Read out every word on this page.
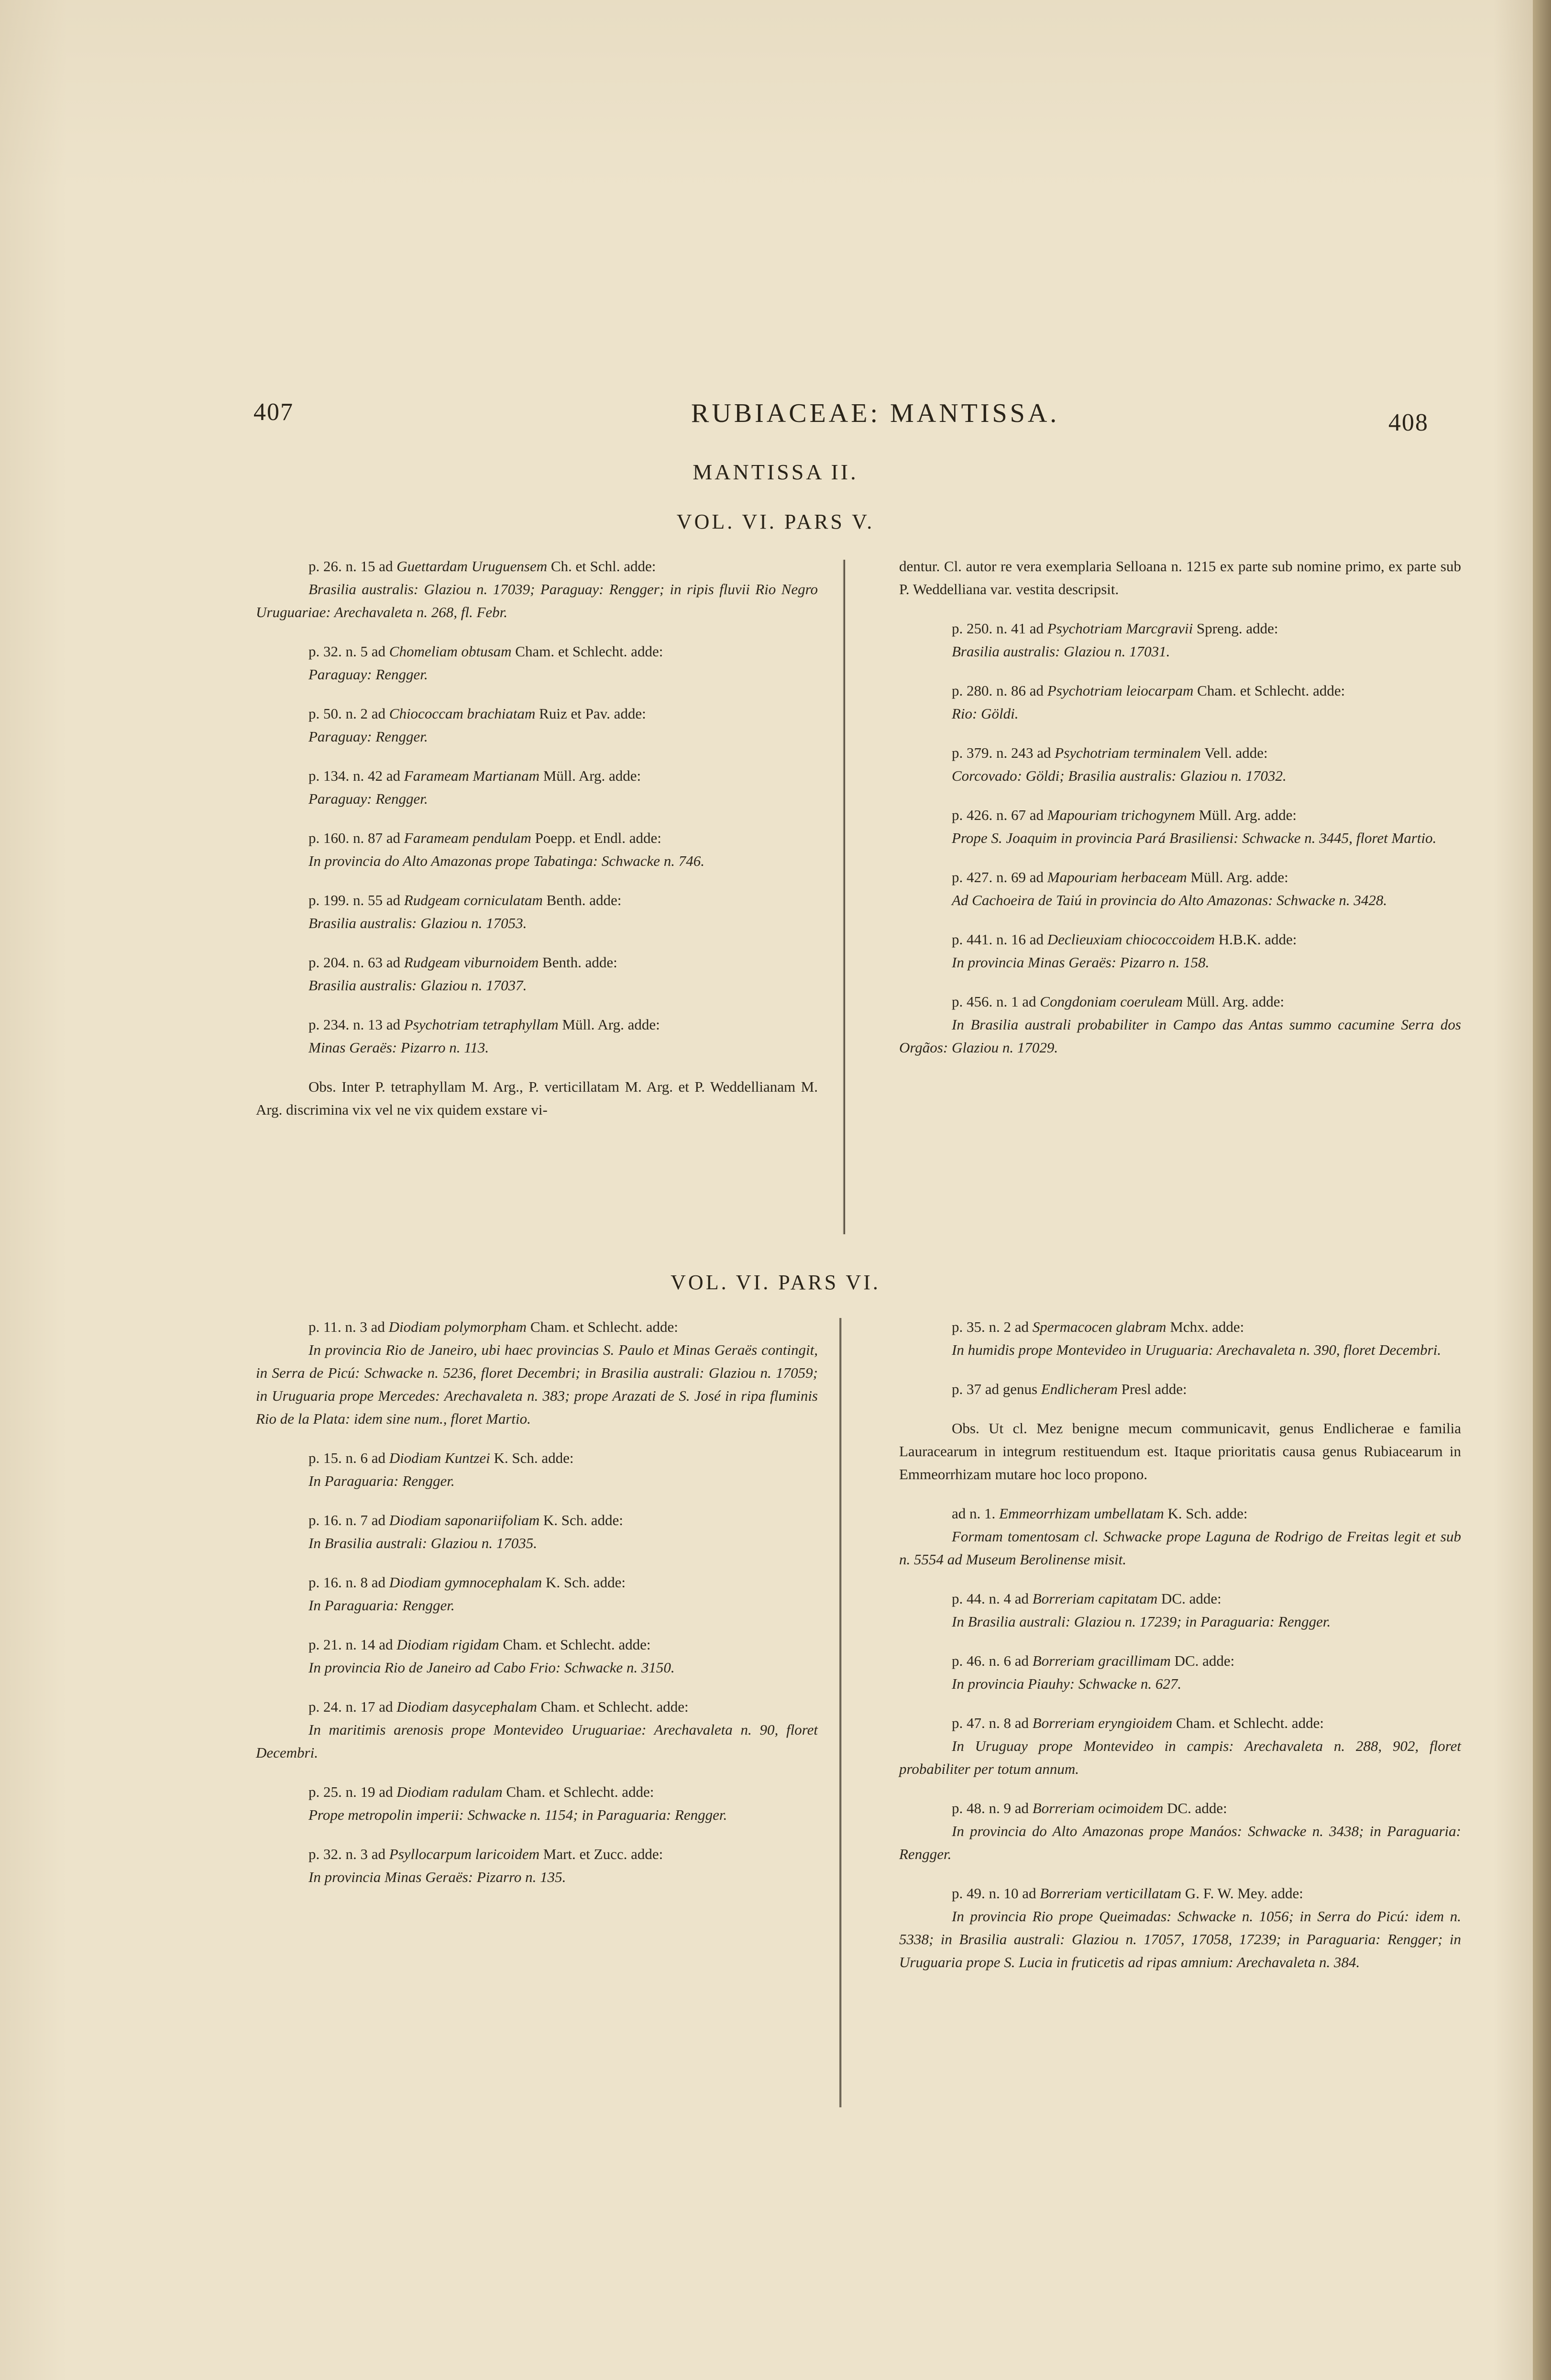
407	RUBIACEAE: MANTISSA.	408
MANTISSA II.
VOL. VI. PARS V.

p. 26. n. 15 ad Guettardam Uruguensem Ch. et Schl. adde:

Brasilia australis: Glaziou n. 17039; Paraguay: Rengger; in ripis fluvii Rio Negro Uruguariae: Arechavaleta n. 268, fl. Febr.

p. 32. n. 5 ad Chomeliam obtusam Cham. et Schlecht. adde:

Paraguay: Rengger.

p. 50. n. 2 ad Chiococcam brachiatam Ruiz et Pav. adde:

Paraguay: Rengger.

p. 134. n. 42 ad Farameam Martianam Müll. Arg. adde:

Paraguay: Rengger.

p. 160. n. 87 ad Farameam pendulam Poepp. et Endl. adde:

In provincia do Alto Amazonas prope Tabatinga: Schwacke n. 746.

p. 199. n. 55 ad Rudgeam corniculatam Benth. adde:

Brasilia australis: Glaziou n. 17053.

p. 204. n. 63 ad Rudgeam viburnoidem Benth. adde:

Brasilia australis: Glaziou n. 17037.

p. 234. n. 13 ad Psychotriam tetraphyllam Müll. Arg. adde:

Minas Geraës: Pizarro n. 113.

Obs. Inter P. tetraphyllam M. Arg., P. verticillatam M. Arg. et P. Weddellianam M. Arg. discrimina vix vel ne vix quidem exstare vi-

dentur. Cl. autor re vera exemplaria Selloana n. 1215 ex parte sub nomine primo, ex parte sub P. Weddelliana var. vestita descripsit.

p. 250. n. 41 ad Psychotriam Marcgravii Spreng. adde:

Brasilia australis: Glaziou n. 17031.

p. 280. n. 86 ad Psychotriam leiocarpam Cham. et Schlecht. adde:

Rio: Göldi.

p. 379. n. 243 ad Psychotriam terminalem Vell. adde:

Corcovado: Göldi; Brasilia australis: Glaziou n. 17032.

p. 426. n. 67 ad Mapouriam trichogynem Müll. Arg. adde:

Prope S. Joaquim in provincia Pará Brasiliensi: Schwacke n. 3445, floret Martio.

p. 427. n. 69 ad Mapouriam herbaceam Müll. Arg. adde:

Ad Cachoeira de Taiú in provincia do Alto Amazonas: Schwacke n. 3428.

p. 441. n. 16 ad Declieuxiam chiococcoidem H.B.K. adde:

In provincia Minas Geraës: Pizarro n. 158.

p. 456. n. 1 ad Congdoniam coeruleam Müll. Arg. adde:

In Brasilia australi probabiliter in Campo das Antas summo cacumine Serra dos Orgãos: Glaziou n. 17029.

VOL. VI. PARS VI.

p. 11. n. 3 ad Diodiam polymorpham Cham. et Schlecht. adde:

In provincia Rio de Janeiro, ubi haec provincias S. Paulo et Minas Geraës contingit, in Serra de Picú: Schwacke n. 5236, floret Decembri; in Brasilia australi: Glaziou n. 17059; in Uruguaria prope Mercedes: Arechavaleta n. 383; prope Arazati de S. José in ripa fluminis Rio de la Plata: idem sine num., floret Martio.

p. 15. n. 6 ad Diodiam Kuntzei K. Sch. adde:

In Paraguaria: Rengger.

p. 16. n. 7 ad Diodiam saponariifoliam K. Sch. adde:

In Brasilia australi: Glaziou n. 17035.

p. 16. n. 8 ad Diodiam gymnocephalam K. Sch. adde:

In Paraguaria: Rengger.

p. 21. n. 14 ad Diodiam rigidam Cham. et Schlecht. adde:

In provincia Rio de Janeiro ad Cabo Frio: Schwacke n. 3150.

p. 24. n. 17 ad Diodiam dasycephalam Cham. et Schlecht. adde:

In maritimis arenosis prope Montevideo Uruguariae: Arechavaleta n. 90, floret Decembri.

p. 25. n. 19 ad Diodiam radulam Cham. et Schlecht. adde:

Prope metropolin imperii: Schwacke n. 1154; in Paraguaria: Rengger.

p. 32. n. 3 ad Psyllocarpum laricoidem Mart. et Zucc. adde:

In provincia Minas Geraës: Pizarro n. 135.

p. 35. n. 2 ad Spermacocen glabram Mchx. adde:

In humidis prope Montevideo in Uruguaria: Arechavaleta n. 390, floret Decembri.

p. 37 ad genus Endlicheram Presl adde:

Obs. Ut cl. Mez benigne mecum communicavit, genus Endlicherae e familia Lauracearum in integrum restituendum est. Itaque prioritatis causa genus Rubiacearum in Emmeorrhizam mutare hoc loco propono.

ad n. 1. Emmeorrhizam umbellatam K. Sch. adde:

Formam tomentosam cl. Schwacke prope Laguna de Rodrigo de Freitas legit et sub n. 5554 ad Museum Berolinense misit.

p. 44. n. 4 ad Borreriam capitatam DC. adde:

In Brasilia australi: Glaziou n. 17239; in Paraguaria: Rengger.

p. 46. n. 6 ad Borreriam gracillimam DC. adde:

In provincia Piauhy: Schwacke n. 627.

p. 47. n. 8 ad Borreriam eryngioidem Cham. et Schlecht. adde:

In Uruguay prope Montevideo in campis: Arechavaleta n. 288, 902, floret probabiliter per totum annum.

p. 48. n. 9 ad Borreriam ocimoidem DC. adde:

In provincia do Alto Amazonas prope Manáos: Schwacke n. 3438; in Paraguaria: Rengger.

p. 49. n. 10 ad Borreriam verticillatam G. F. W. Mey. adde:

In provincia Rio prope Queimadas: Schwacke n. 1056; in Serra do Picú: idem n. 5338; in Brasilia australi: Glaziou n. 17057, 17058, 17239; in Paraguaria: Rengger; in Uruguaria prope S. Lucia in fruticetis ad ripas amnium: Arechavaleta n. 384.
